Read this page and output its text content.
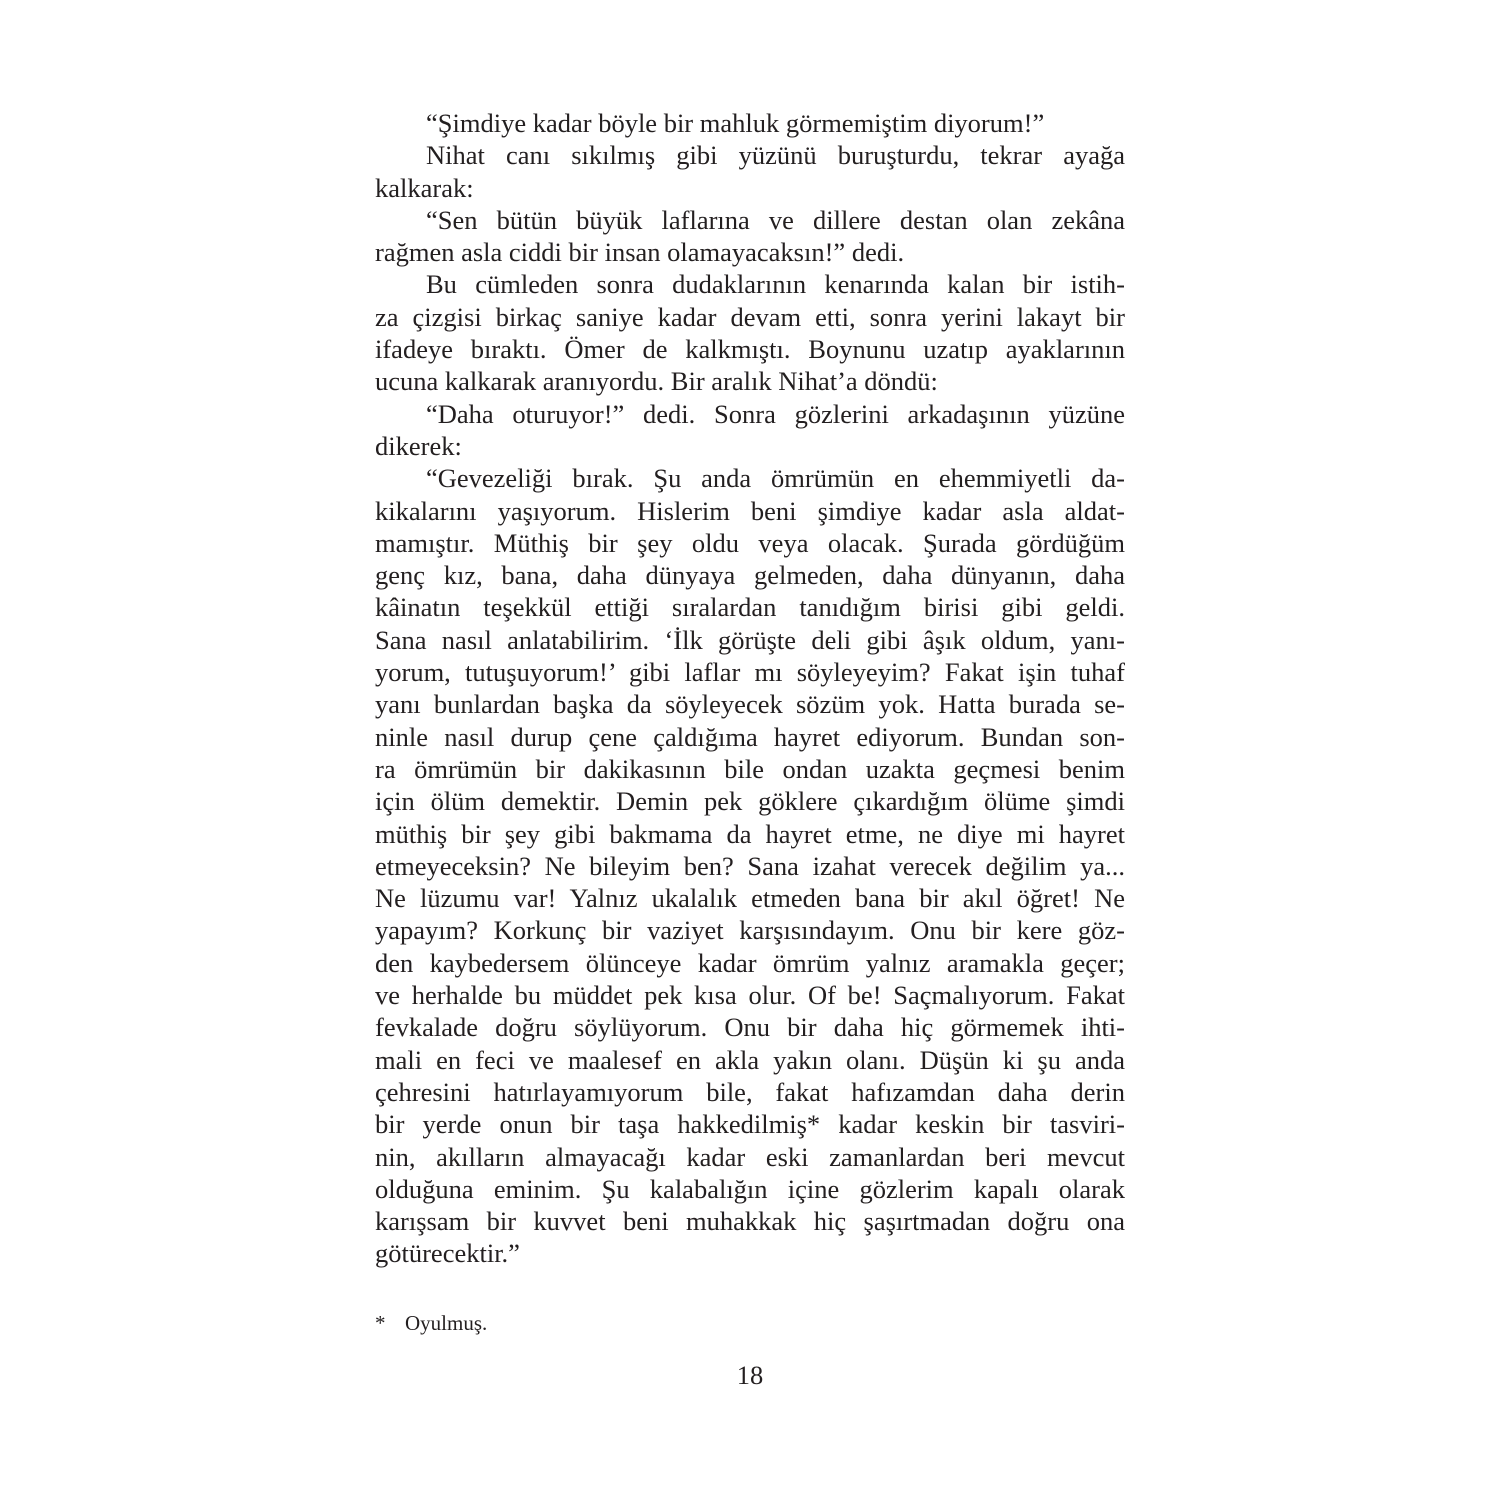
“Şimdiye kadar böyle bir mahluk görmemiştim diyorum!”
Nihat canı sıkılmış gibi yüzünü buruşturdu, tekrar ayağa
kalkarak:
“Sen bütün büyük laflarına ve dillere destan olan zekâna
rağmen asla ciddi bir insan olamayacaksın!” dedi.
Bu cümleden sonra dudaklarının kenarında kalan bir istih-
za çizgisi birkaç saniye kadar devam etti, sonra yerini lakayt bir
ifadeye bıraktı. Ömer de kalkmıştı. Boynunu uzatıp ayaklarının
ucuna kalkarak aranıyordu. Bir aralık Nihat’a döndü:
“Daha oturuyor!” dedi. Sonra gözlerini arkadaşının yüzüne
dikerek:
“Gevezeliği bırak. Şu anda ömrümün en ehemmiyetli da-
kikalarını yaşıyorum. Hislerim beni şimdiye kadar asla aldat-
mamıştır. Müthiş bir şey oldu veya olacak. Şurada gördüğüm
genç kız, bana, daha dünyaya gelmeden, daha dünyanın, daha
kâinatın teşekkül ettiği sıralardan tanıdığım birisi gibi geldi.
Sana nasıl anlatabilirim. ‘İlk görüşte deli gibi âşık oldum, yanı-
yorum, tutuşuyorum!’ gibi laflar mı söyleyeyim? Fakat işin tuhaf
yanı bunlardan başka da söyleyecek sözüm yok. Hatta burada se-
ninle nasıl durup çene çaldığıma hayret ediyorum. Bundan son-
ra ömrümün bir dakikasının bile ondan uzakta geçmesi benim
için ölüm demektir. Demin pek göklere çıkardığım ölüme şimdi
müthiş bir şey gibi bakmama da hayret etme, ne diye mi hayret
etmeyeceksin? Ne bileyim ben? Sana izahat verecek değilim ya...
Ne lüzumu var! Yalnız ukalalık etmeden bana bir akıl öğret! Ne
yapayım? Korkunç bir vaziyet karşısındayım. Onu bir kere göz-
den kaybedersem ölünceye kadar ömrüm yalnız aramakla geçer;
ve herhalde bu müddet pek kısa olur. Of be! Saçmalıyorum. Fakat
fevkalade doğru söylüyorum. Onu bir daha hiç görmemek ihti-
mali en feci ve maalesef en akla yakın olanı. Düşün ki şu anda
çehresini hatırlayamıyorum bile, fakat hafızamdan daha derin
bir yerde onun bir taşa hakkedilmiş* kadar keskin bir tasviri-
nin, akılların almayacağı kadar eski zamanlardan beri mevcut
olduğuna eminim. Şu kalabalığın içine gözlerim kapalı olarak
karışsam bir kuvvet beni muhakkak hiç şaşırtmadan doğru ona
götürecektir.”
* Oyulmuş.
18
